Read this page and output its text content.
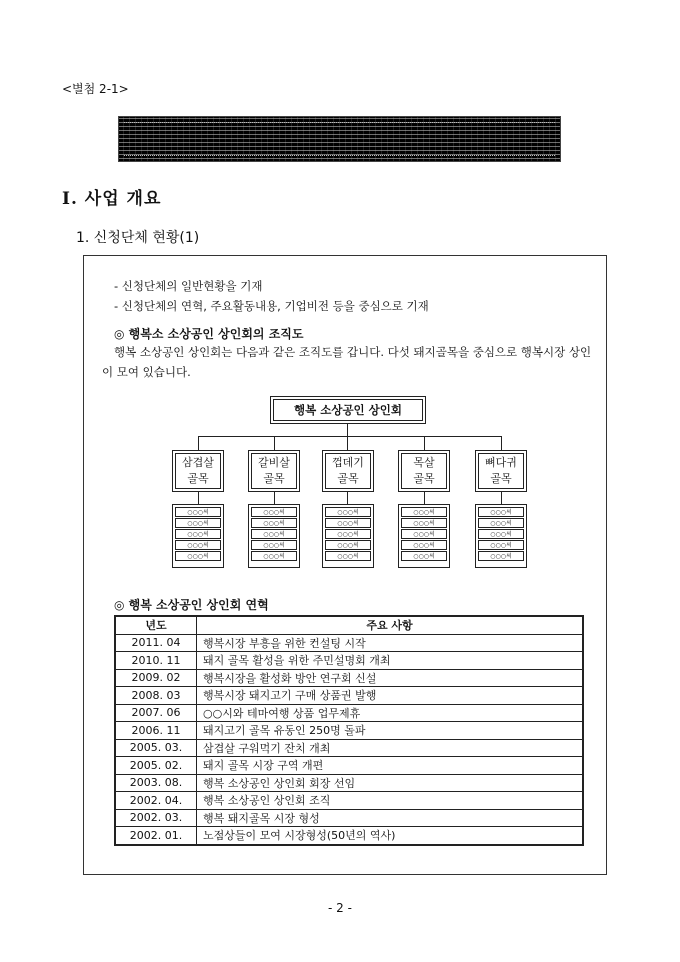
<별첨 2-1>
Ⅰ. 사업 개요
1. 신청단체 현황(1)
- 신청단체의 일반현황을 기재
- 신청단체의 연혁, 주요활동내용, 기업비전 등을 중심으로 기재
◎ 행복소 소상공인 상인회의 조직도
행복 소상공인 상인회는 다음과 같은 조직도를 갑니다. 다섯 돼지골목을 중심으로 행복시장 상인이 모여 있습니다.
행복 소상공인 상인회
삼겹살
골목
갈비살
골목
껍데기
골목
목살
골목
뼈다귀
골목
○○○씨
○○○씨
○○○씨
○○○씨
○○○씨
○○○씨
○○○씨
○○○씨
○○○씨
○○○씨
○○○씨
○○○씨
○○○씨
○○○씨
○○○씨
○○○씨
○○○씨
○○○씨
○○○씨
○○○씨
○○○씨
○○○씨
○○○씨
○○○씨
○○○씨
◎ 행복 소상공인 상인회 연혁
년도	주요 사항
2011. 04	행복시장 부흥을 위한 컨설팅 시작
2010. 11	돼지 골목 활성을 위한 주민설명회 개최
2009. 02	행복시장을 활성화 방안 연구회 신설
2008. 03	행복시장 돼지고기 구매 상품권 발행
2007. 06	○○시와 테마여행 상품 업무제휴
2006. 11	돼지고기 골목 유동인 250명 돌파
2005. 03.	삼겹살 구워먹기 잔치 개최
2005. 02.	돼지 골목 시장 구역 개편
2003. 08.	행복 소상공인 상인회 회장 선임
2002. 04.	행복 소상공인 상인회 조직
2002. 03.	행복 돼지골목 시장 형성
2002. 01.	노점상들이 모여 시장형성(50년의 역사)
- 2 -
